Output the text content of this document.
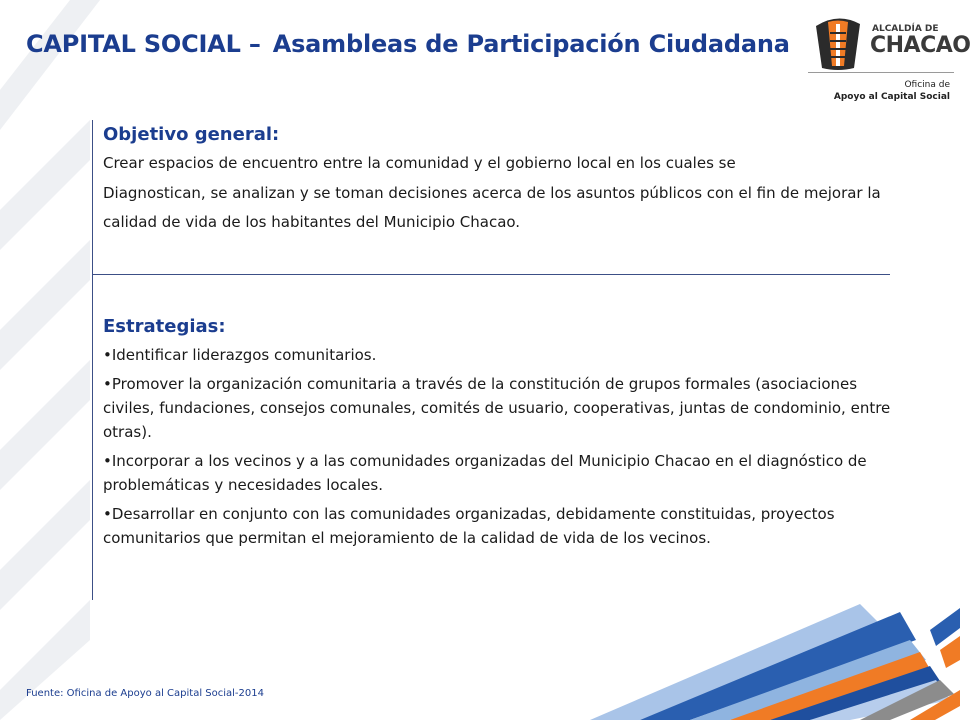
CAPITAL SOCIAL – Asambleas de Participación Ciudadana
ALCALDÍA DE
CHACAO
Oficina de
Apoyo al Capital Social
Objetivo general:

Crear espacios de encuentro entre la comunidad y el gobierno local en los cuales se

Diagnostican, se analizan y se toman decisiones acerca de los asuntos públicos con el fin de mejorar la calidad de vida de los habitantes del Municipio Chacao.

Estrategias:
•Identificar liderazgos comunitarios.
•Promover la organización comunitaria a través de la constitución de grupos formales (asociaciones civiles, fundaciones, consejos comunales, comités de usuario, cooperativas, juntas de condominio, entre otras).
•Incorporar a los vecinos y a las comunidades organizadas del Municipio Chacao en el diagnóstico de problemáticas y necesidades locales.
•Desarrollar en conjunto con las comunidades organizadas, debidamente constituidas, proyectos comunitarios que permitan el mejoramiento de la calidad de vida de los vecinos.
Fuente: Oficina de Apoyo al Capital Social-2014
